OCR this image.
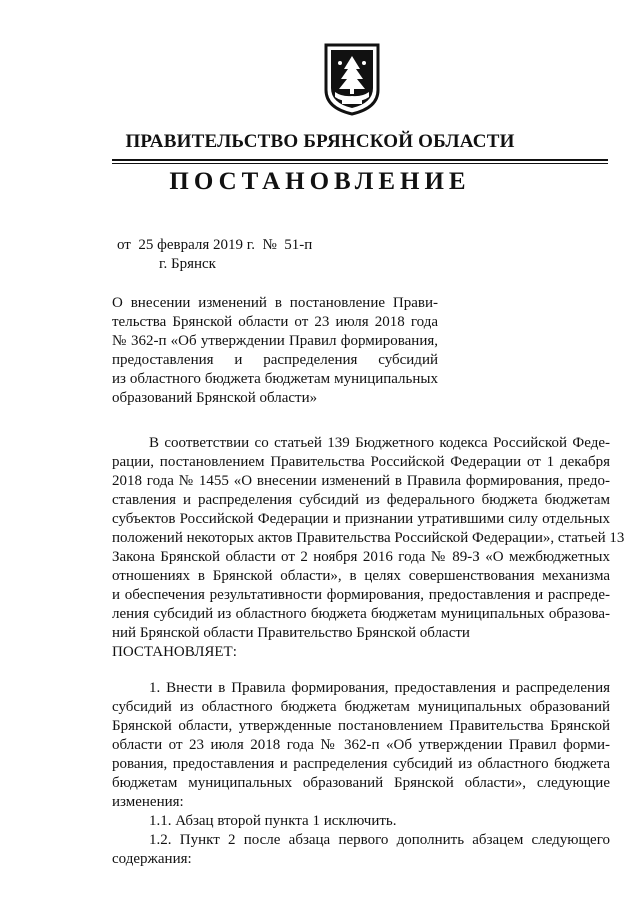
ПРАВИТЕЛЬСТВО БРЯНСКОЙ ОБЛАСТИ
ПОСТАНОВЛЕНИЕ
от  25 февраля 2019 г.  №  51-п
г. Брянск
О внесении изменений в постановление Прави-
тельства Брянской области от 23 июля 2018 года
№ 362-п «Об утверждении Правил формирования,
предоставления и распределения субсидий
из областного бюджета бюджетам муниципальных
образований Брянской области»
В соответствии со статьей 139 Бюджетного кодекса Российской Феде-
рации, постановлением Правительства Российской Федерации от 1 декабря
2018 года № 1455 «О внесении изменений в Правила формирования, предо-
ставления и распределения субсидий из федерального бюджета бюджетам
субъектов Российской Федерации и признании утратившими силу отдельных
положений некоторых актов Правительства Российской Федерации», статьей 13
Закона Брянской области от 2 ноября 2016 года № 89-З «О межбюджетных
отношениях в Брянской области», в целях совершенствования механизма
и обеспечения результативности формирования, предоставления и распреде-
ления субсидий из областного бюджета бюджетам муниципальных образова-
ний Брянской области Правительство Брянской области
ПОСТАНОВЛЯЕТ:
1. Внести в Правила формирования, предоставления и распределения
субсидий из областного бюджета бюджетам муниципальных образований
Брянской области, утвержденные постановлением Правительства Брянской
области от 23 июля 2018 года № 362-п «Об утверждении Правил форми-
рования, предоставления и распределения субсидий из областного бюджета
бюджетам муниципальных образований Брянской области», следующие
изменения:
1.1. Абзац второй пункта 1 исключить.
1.2. Пункт 2 после абзаца первого дополнить абзацем следующего
содержания:
